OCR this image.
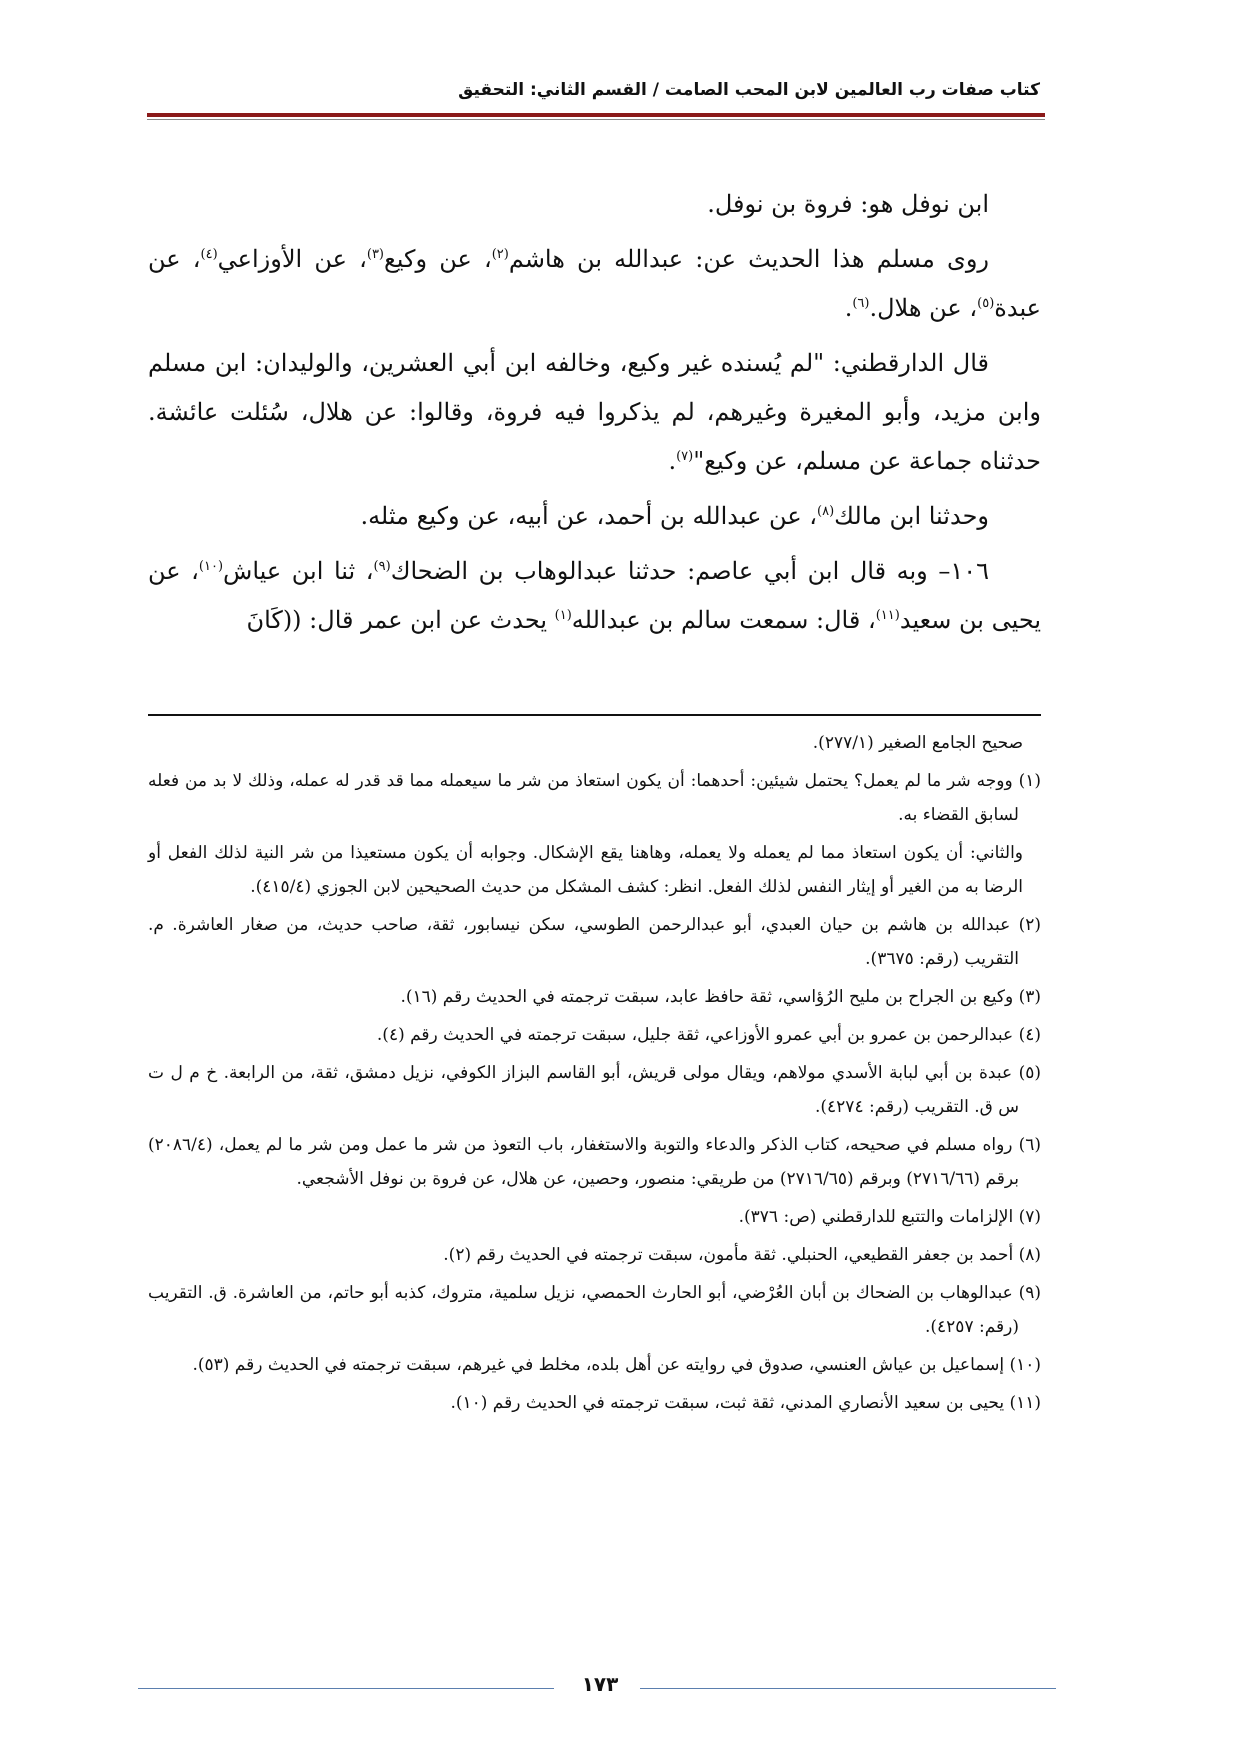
كتاب صفات رب العالمين لابن المحب الصامت / القسم الثاني: التحقيق

ابن نوفل هو: فروة بن نوفل.

روى مسلم هذا الحديث عن: عبدالله بن هاشم$^{(٢)}$، عن وكيع$^{(٣)}$، عن الأوزاعي$^{(٤)}$، عن عبدة$^{(٥)}$، عن هلال.$^{(٦)}$.

قال الدارقطني: "لم يُسنده غير وكيع، وخالفه ابن أبي العشرين، والوليدان: ابن مسلم وابن مزيد، وأبو المغيرة وغيرهم، لم يذكروا فيه فروة، وقالوا: عن هلال، سُئلت عائشة. حدثناه جماعة عن مسلم، عن وكيع"$^{(٧)}$.

وحدثنا ابن مالك$^{(٨)}$، عن عبدالله بن أحمد، عن أبيه، عن وكيع مثله.

١٠٦– وبه قال ابن أبي عاصم: حدثنا عبدالوهاب بن الضحاك$^{(٩)}$، ثنا ابن عياش$^{(١٠)}$، عن يحيى بن سعيد$^{(١١)}$، قال: سمعت سالم بن عبدالله$^{(١)}$ يحدث عن ابن عمر قال: ((كَانَ

صحيح الجامع الصغير (٢٧٧/١).

(١) ووجه شر ما لم يعمل؟ يحتمل شيئين: أحدهما: أن يكون استعاذ من شر ما سيعمله مما قد قدر له عمله، وذلك لا بد من فعله لسابق القضاء به.

والثاني: أن يكون استعاذ مما لم يعمله ولا يعمله، وهاهنا يقع الإشكال. وجوابه أن يكون مستعيذا من شر النية لذلك الفعل أو الرضا به من الغير أو إيثار النفس لذلك الفعل. انظر: كشف المشكل من حديث الصحيحين لابن الجوزي (٤١٥/٤).

(٢) عبدالله بن هاشم بن حيان العبدي، أبو عبدالرحمن الطوسي، سكن نيسابور، ثقة، صاحب حديث، من صغار العاشرة. م. التقريب (رقم: ٣٦٧٥).

(٣) وكيع بن الجراح بن مليح الرُؤاسي، ثقة حافظ عابد، سبقت ترجمته في الحديث رقم (١٦).

(٤) عبدالرحمن بن عمرو بن أبي عمرو الأوزاعي، ثقة جليل، سبقت ترجمته في الحديث رقم (٤).

(٥) عبدة بن أبي لبابة الأسدي مولاهم، ويقال مولى قريش، أبو القاسم البزاز الكوفي، نزيل دمشق، ثقة، من الرابعة. خ م ل ت س ق. التقريب (رقم: ٤٢٧٤).

(٦) رواه مسلم في صحيحه، كتاب الذكر والدعاء والتوبة والاستغفار، باب التعوذ من شر ما عمل ومن شر ما لم يعمل، (٢٠٨٦/٤) برقم (٢٧١٦/٦٦) وبرقم (٢٧١٦/٦٥) من طريقي: منصور، وحصين، عن هلال، عن فروة بن نوفل الأشجعي.

(٧) الإلزامات والتتبع للدارقطني (ص: ٣٧٦).

(٨) أحمد بن جعفر القطيعي، الحنبلي. ثقة مأمون، سبقت ترجمته في الحديث رقم (٢).

(٩) عبدالوهاب بن الضحاك بن أبان العُرْضي، أبو الحارث الحمصي، نزيل سلمية، متروك، كذبه أبو حاتم، من العاشرة. ق. التقريب (رقم: ٤٢٥٧).

(١٠) إسماعيل بن عياش العنسي، صدوق في روايته عن أهل بلده، مخلط في غيرهم، سبقت ترجمته في الحديث رقم (٥٣).

(١١) يحيى بن سعيد الأنصاري المدني، ثقة ثبت، سبقت ترجمته في الحديث رقم (١٠).

١٧٣
